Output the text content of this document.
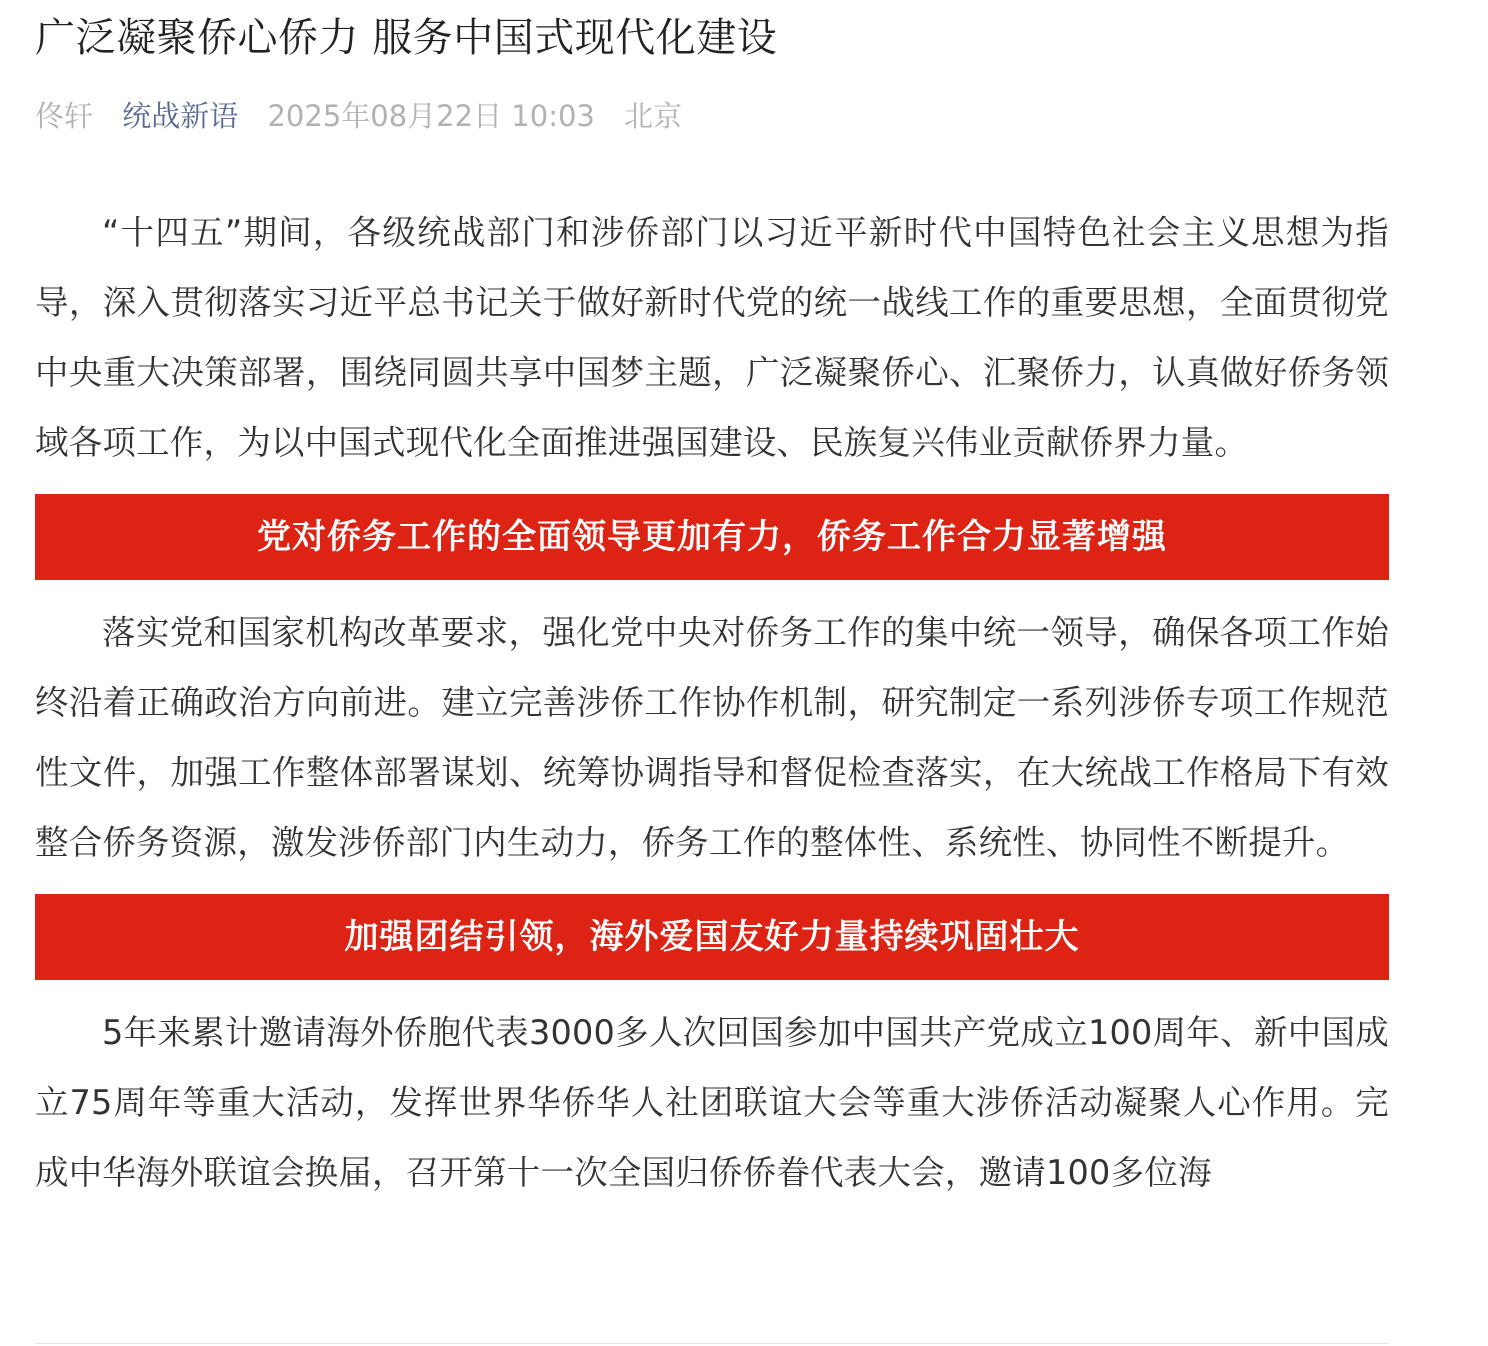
广泛凝聚侨心侨力 服务中国式现代化建设
佟轩 统战新语 2025年08月22日 10:03 北京

“十四五”期间，各级统战部门和涉侨部门以习近平新时代中国特色社会主义思想为指导，深入贯彻落实习近平总书记关于做好新时代党的统一战线工作的重要思想，全面贯彻党中央重大决策部署，围绕同圆共享中国梦主题，广泛凝聚侨心、汇聚侨力，认真做好侨务领域各项工作，为以中国式现代化全面推进强国建设、民族复兴伟业贡献侨界力量。

党对侨务工作的全面领导更加有力，侨务工作合力显著增强

落实党和国家机构改革要求，强化党中央对侨务工作的集中统一领导，确保各项工作始终沿着正确政治方向前进。建立完善涉侨工作协作机制，研究制定一系列涉侨专项工作规范性文件，加强工作整体部署谋划、统筹协调指导和督促检查落实，在大统战工作格局下有效整合侨务资源，激发涉侨部门内生动力，侨务工作的整体性、系统性、协同性不断提升。

加强团结引领，海外爱国友好力量持续巩固壮大

5年来累计邀请海外侨胞代表3000多人次回国参加中国共产党成立100周年、新中国成立75周年等重大活动，发挥世界华侨华人社团联谊大会等重大涉侨活动凝聚人心作用。完成中华海外联谊会换届，召开第十一次全国归侨侨眷代表大会，邀请100多位海
